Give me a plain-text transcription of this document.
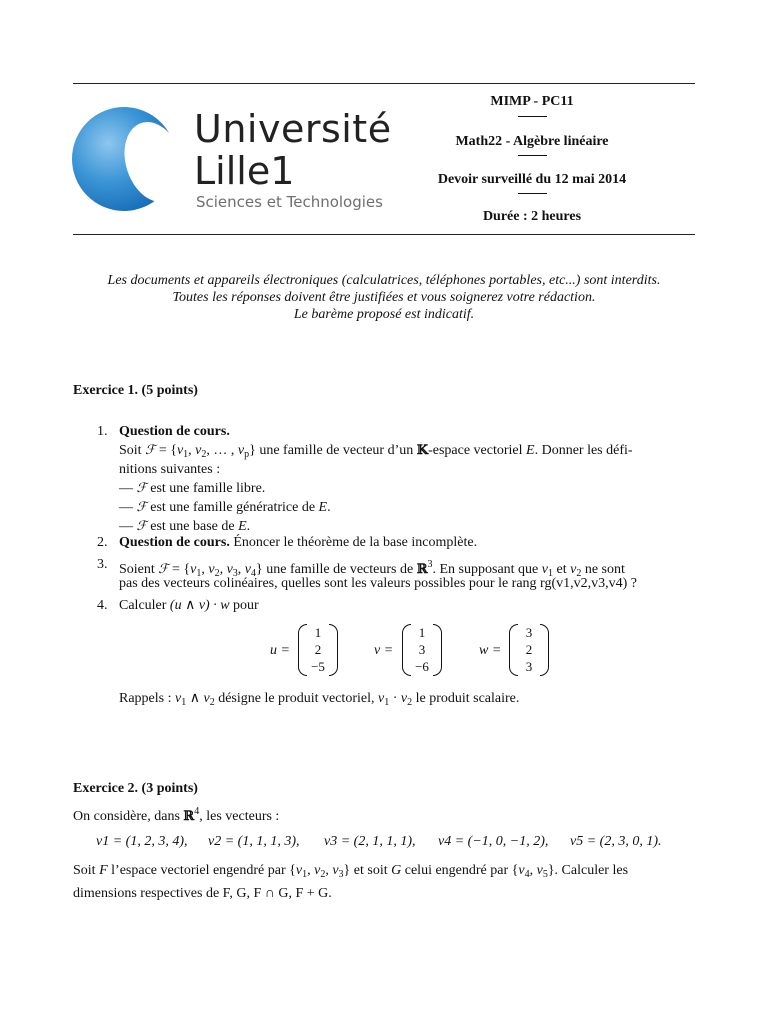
Université
Lille1
Sciences et Technologies
MIMP - PC11
Math22 - Algèbre linéaire
Devoir surveillé du 12 mai 2014
Durée : 2 heures
Les documents et appareils électroniques (calculatrices, téléphones portables, etc...) sont interdits.
Toutes les réponses doivent être justifiées et vous soignerez votre rédaction.
Le barème proposé est indicatif.
Exercice 1. (5 points)
1. Question de cours.
Soit ℱ = {$v_1$, $v_2$, … , $v_p$} une famille de vecteur d’un 𝕂-espace vectoriel E. Donner les défi-
nitions suivantes :
— ℱ est une famille libre.
— ℱ est une famille génératrice de E.
— ℱ est une base de E.
2. Question de cours. Énoncer le théorème de la base incomplète.
3. Soient ℱ = {$v_1$, $v_2$, $v_3$, $v_4$} une famille de vecteurs de ℝ$^3$. En supposant que $v_1$ et $v_2$ ne sont
pas des vecteurs colinéaires, quelles sont les valeurs possibles pour le rang rg(v1,v2,v3,v4) ?
4. Calculer (u ∧ v) · w pour
u =
1
2
−5
v =
1
3
−6
w =
3
2
3
Rappels : $v_1$ ∧ $v_2$ désigne le produit vectoriel, $v_1 \cdot v_2$ le produit scalaire.
Exercice 2. (3 points)
On considère, dans ℝ$^4$, les vecteurs :
v1 = (1, 2, 3, 4), v2 = (1, 1, 1, 3), v3 = (2, 1, 1, 1), v4 = (−1, 0, −1, 2), v5 = (2, 3, 0, 1).
Soit F l’espace vectoriel engendré par {$v_1$, $v_2$, $v_3$} et soit G celui engendré par {$v_4$, $v_5$}. Calculer les
dimensions respectives de F, G, F ∩ G, F + G.
